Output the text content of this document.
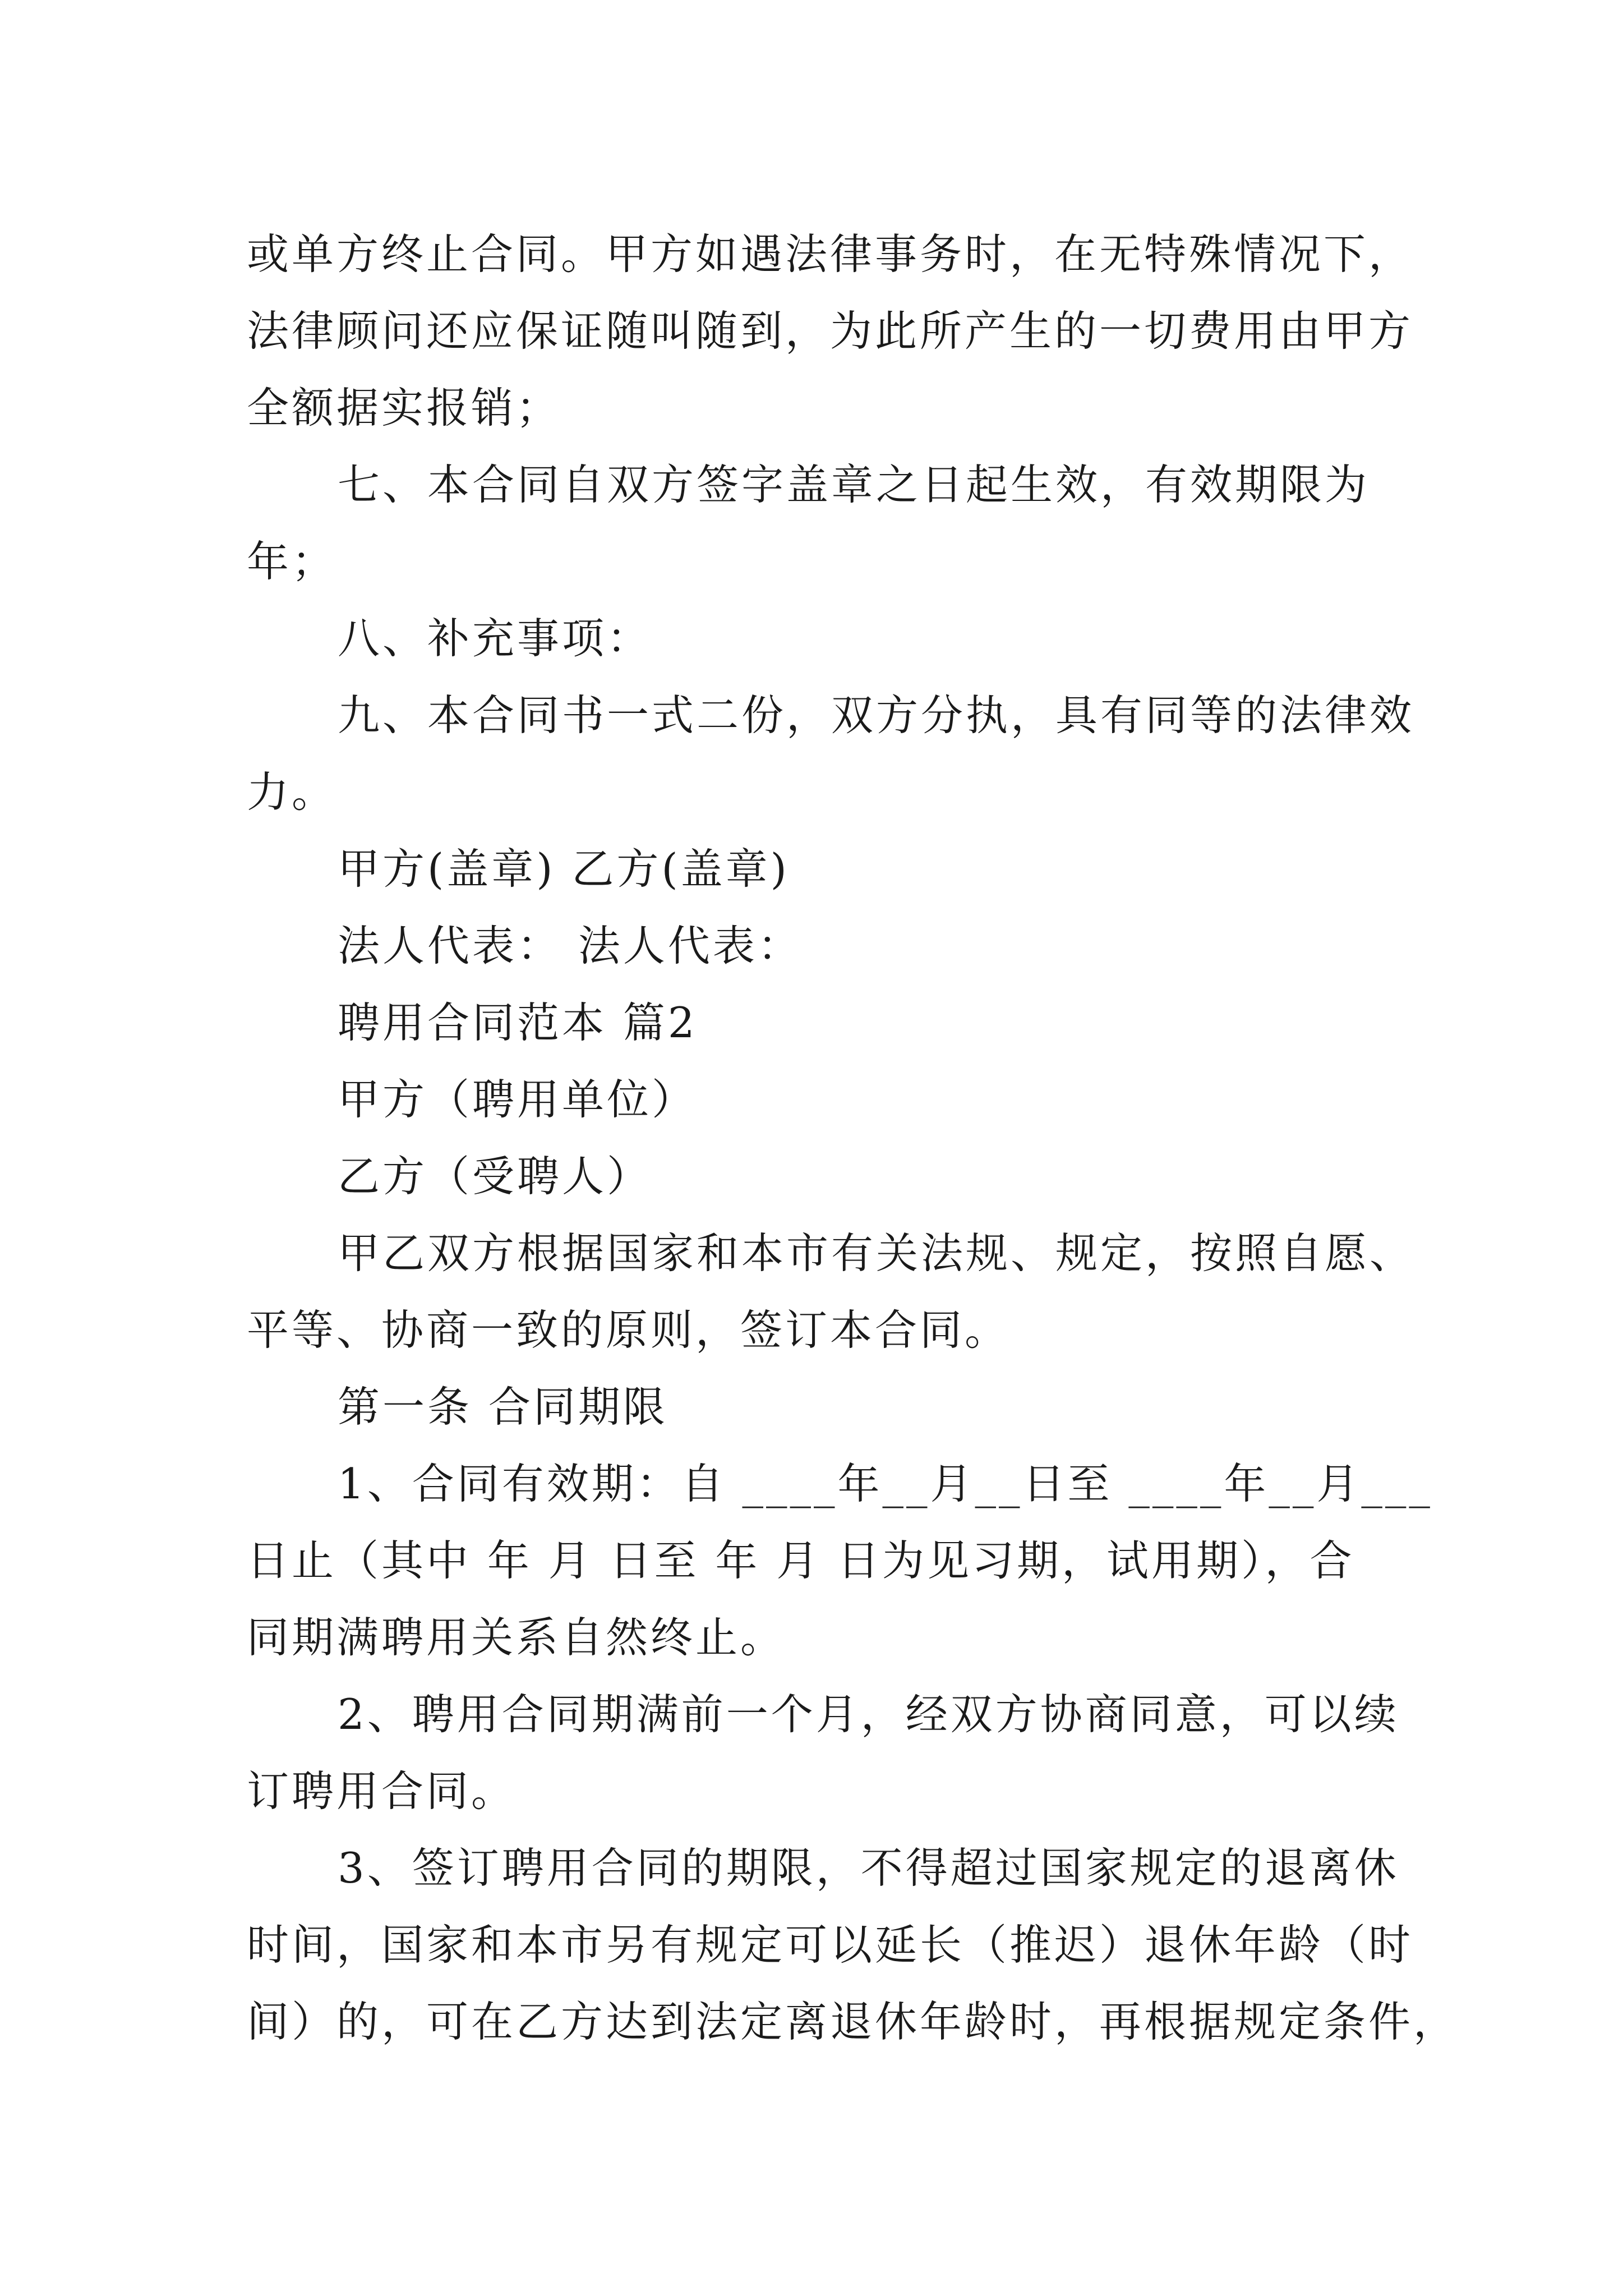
或单方终止合同。甲方如遇法律事务时，在无特殊情况下，
法律顾问还应保证随叫随到，为此所产生的一切费用由甲方
全额据实报销；
七、本合同自双方签字盖章之日起生效，有效期限为
年；
八、补充事项：
九、本合同书一式二份，双方分执，具有同等的法律效
力。
甲方(盖章) 乙方(盖章)
法人代表： 法人代表：
聘用合同范本 篇2
甲方（聘用单位）
乙方（受聘人）
甲乙双方根据国家和本市有关法规、规定，按照自愿、
平等、协商一致的原则，签订本合同。
第一条 合同期限
1、合同有效期：自 ____年__月__日至 ____年__月___
日止（其中 年 月 日至 年 月 日为见习期，试用期），合
同期满聘用关系自然终止。
2、聘用合同期满前一个月，经双方协商同意，可以续
订聘用合同。
3、签订聘用合同的期限，不得超过国家规定的退离休
时间，国家和本市另有规定可以延长（推迟）退休年龄（时
间）的，可在乙方达到法定离退休年龄时，再根据规定条件，
